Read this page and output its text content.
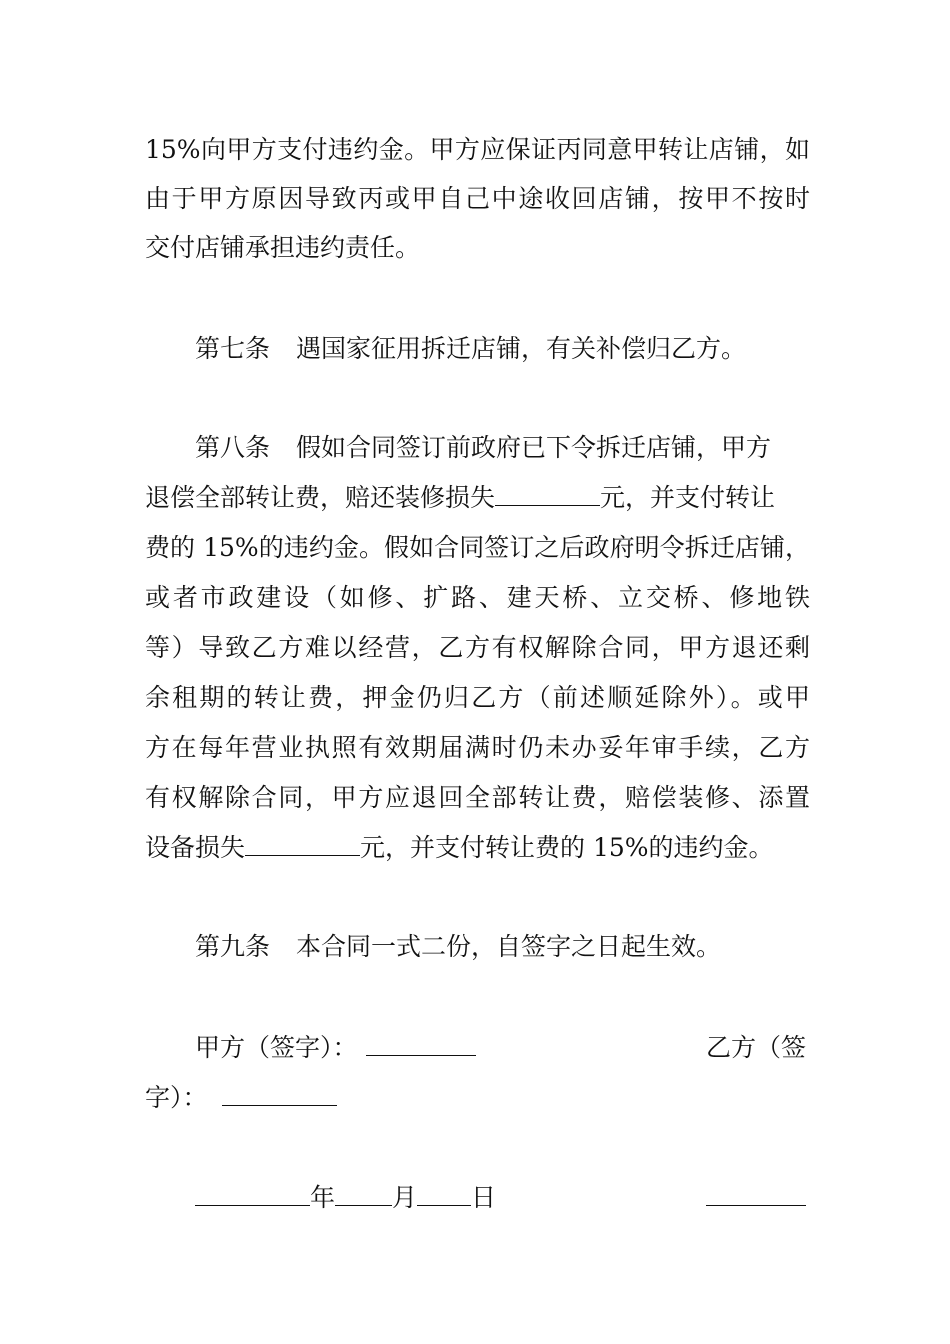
15%向甲方支付违约金。甲方应保证丙同意甲转让店铺，如
由于甲方原因导致丙或甲自己中途收回店铺，按甲不按时
交付店铺承担违约责任。
第七条 遇国家征用拆迁店铺，有关补偿归乙方。
第八条 假如合同签订前政府已下令拆迁店铺，甲方
退偿全部转让费，赔还装修损失	元，并支付转让
费的 15%的违约金。假如合同签订之后政府明令拆迁店铺，
或者市政建设（如修、扩路、建天桥、立交桥、修地铁
等）导致乙方难以经营，乙方有权解除合同，甲方退还剩
余租期的转让费，押金仍归乙方（前述顺延除外）。或甲
方在每年营业执照有效期届满时仍未办妥年审手续，乙方
有权解除合同，甲方应退回全部转让费，赔偿装修、添置
设备损失	元，并支付转让费的 15%的违约金。
第九条 本合同一式二份，自签字之日起生效。
甲方（签字）：	乙方（签
字）：
年 月 日
